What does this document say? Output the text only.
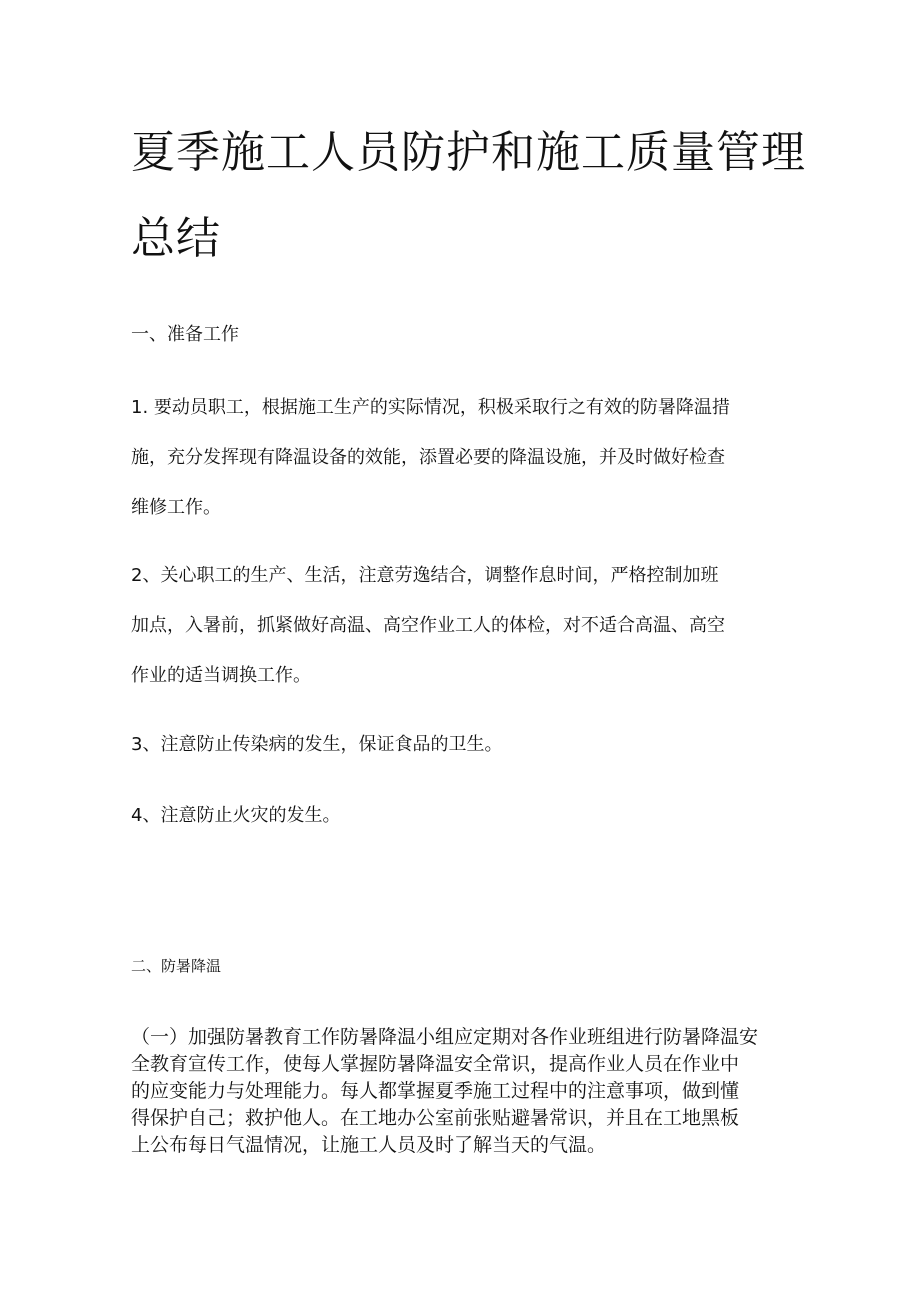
夏季施工人员防护和施工质量管理
总结
一、准备工作

1. 要动员职工，根据施工生产的实际情况，积极采取行之有效的防暑降温措
施，充分发挥现有降温设备的效能，添置必要的降温设施，并及时做好检查
维修工作。

2、关心职工的生产、生活，注意劳逸结合，调整作息时间，严格控制加班
加点，入暑前，抓紧做好高温、高空作业工人的体检，对不适合高温、高空
作业的适当调换工作。

3、注意防止传染病的发生，保证食品的卫生。

4、注意防止火灾的发生。

二、防暑降温

（一）加强防暑教育工作防暑降温小组应定期对各作业班组进行防暑降温安
全教育宣传工作，使每人掌握防暑降温安全常识，提高作业人员在作业中
的应变能力与处理能力。每人都掌握夏季施工过程中的注意事项，做到懂
得保护自己；救护他人。在工地办公室前张贴避暑常识，并且在工地黑板
上公布每日气温情况，让施工人员及时了解当天的气温。
